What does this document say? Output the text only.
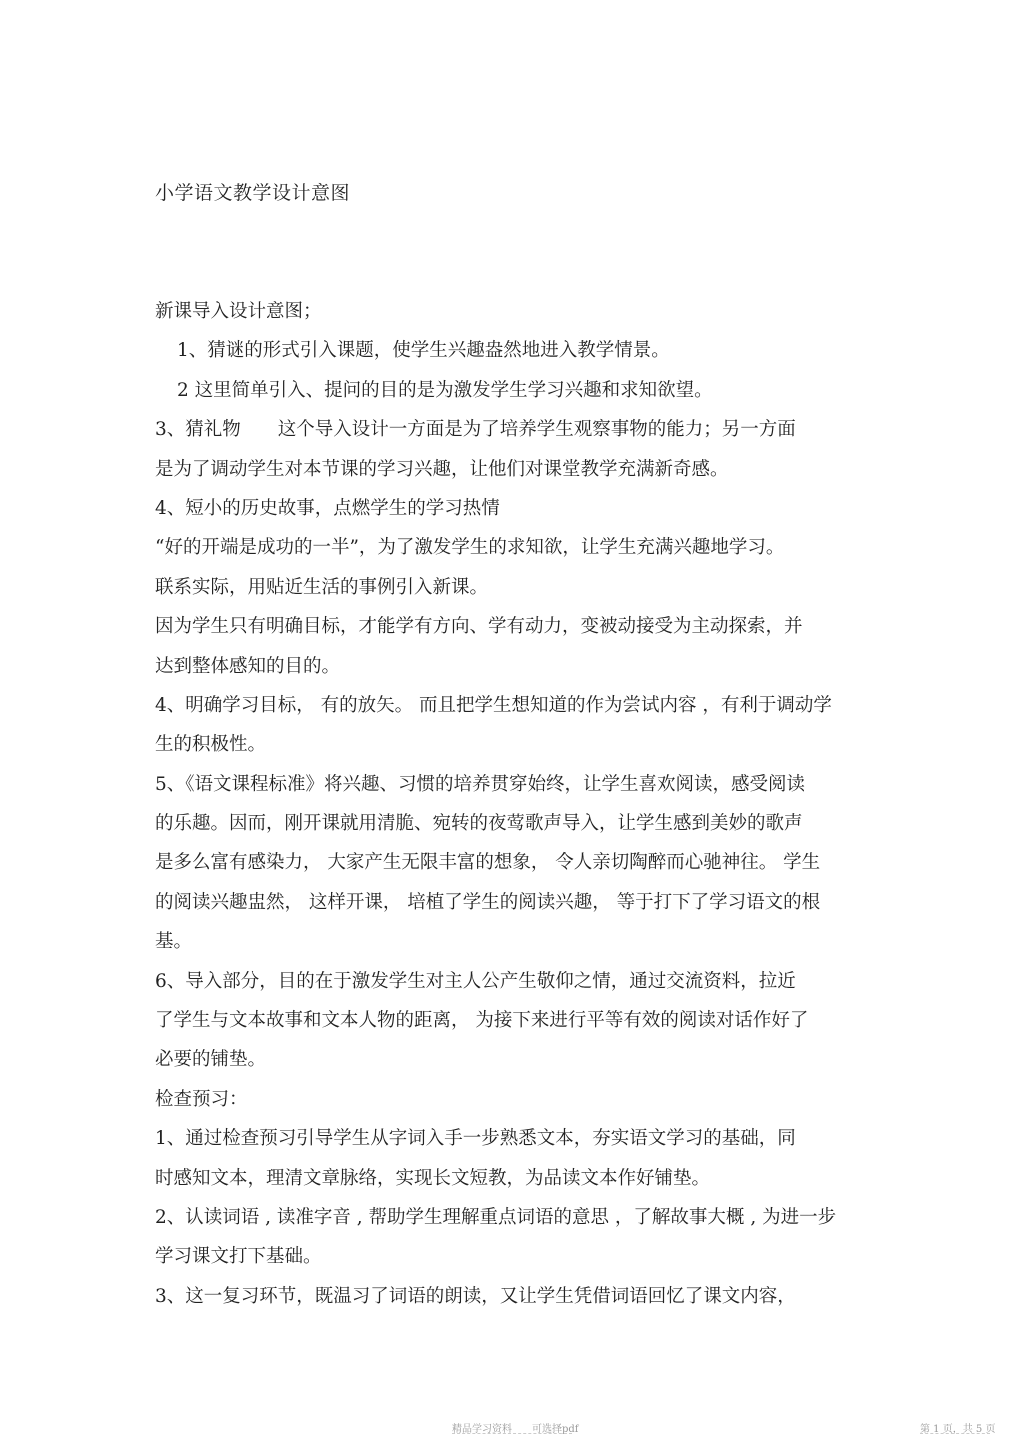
小学语文教学设计意图
新课导入设计意图；
1、猜谜的形式引入课题，使学生兴趣盎然地进入教学情景。
2 这里简单引入、提问的目的是为激发学生学习兴趣和求知欲望。
3、猜礼物　　这个导入设计一方面是为了培养学生观察事物的能力；另一方面
是为了调动学生对本节课的学习兴趣，让他们对课堂教学充满新奇感。
4、短小的历史故事，点燃学生的学习热情
“好的开端是成功的一半”，为了激发学生的求知欲，让学生充满兴趣地学习。
联系实际，用贴近生活的事例引入新课。
因为学生只有明确目标，才能学有方向、学有动力，变被动接受为主动探索，并
达到整体感知的目的。
4、明确学习目标， 有的放矢。 而且把学生想知道的作为尝试内容 ，有利于调动学
生的积极性。
5、《语文课程标准》将兴趣、习惯的培养贯穿始终，让学生喜欢阅读，感受阅读
的乐趣。因而，刚开课就用清脆、宛转的夜莺歌声导入，让学生感到美妙的歌声
是多么富有感染力， 大家产生无限丰富的想象， 令人亲切陶醉而心驰神往。 学生
的阅读兴趣盅然， 这样开课， 培植了学生的阅读兴趣， 等于打下了学习语文的根
基。
6、导入部分，目的在于激发学生对主人公产生敬仰之情，通过交流资料，拉近
了学生与文本故事和文本人物的距离， 为接下来进行平等有效的阅读对话作好了
必要的铺垫。
检查预习：
1、通过检查预习引导学生从字词入手一步熟悉文本，夯实语文学习的基础，同
时感知文本，理清文章脉络，实现长文短教，为品读文本作好铺垫。
2、认读词语 , 读准字音 , 帮助学生理解重点词语的意思 ，了解故事大概 , 为进一步
学习课文打下基础。
3、这一复习环节，既温习了词语的朗读，又让学生凭借词语回忆了课文内容，
精品学习资料　　可选择pdf	第 1 页，共 5 页
